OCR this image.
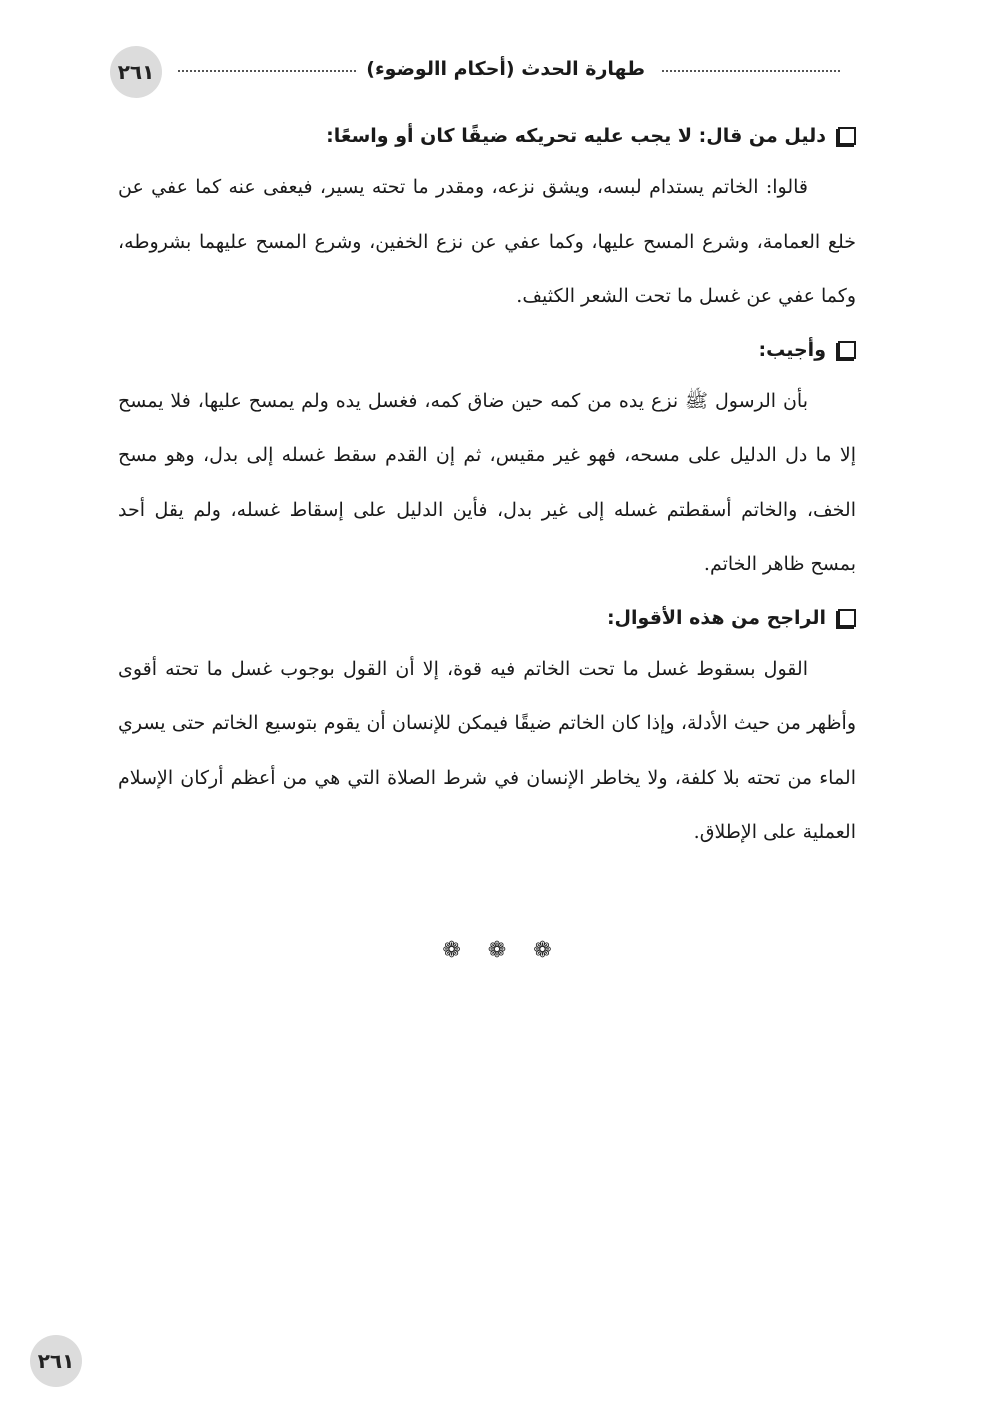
٢٦١	طهارة الحدث (أحكام االوضوء)
دليل من قال: لا يجب عليه تحريكه ضيقًا كان أو واسعًا:

قالوا: الخاتم يستدام لبسه، ويشق نزعه، ومقدر ما تحته يسير، فيعفى عنه كما عفي عن خلع العمامة، وشرع المسح عليها، وكما عفي عن نزع الخفين، وشرع المسح عليهما بشروطه، وكما عفي عن غسل ما تحت الشعر الكثيف.

وأجيب:

بأن الرسول ﷺ نزع يده من كمه حين ضاق كمه، فغسل يده ولم يمسح عليها، فلا يمسح إلا ما دل الدليل على مسحه، فهو غير مقيس، ثم إن القدم سقط غسله إلى بدل، وهو مسح الخف، والخاتم أسقطتم غسله إلى غير بدل، فأين الدليل على إسقاط غسله، ولم يقل أحد بمسح ظاهر الخاتم.

الراجح من هذه الأقوال:

القول بسقوط غسل ما تحت الخاتم فيه قوة، إلا أن القول بوجوب غسل ما تحته أقوى وأظهر من حيث الأدلة، وإذا كان الخاتم ضيقًا فيمكن للإنسان أن يقوم بتوسيع الخاتم حتى يسري الماء من تحته بلا كلفة، ولا يخاطر الإنسان في شرط الصلاة التي هي من أعظم أركان الإسلام العملية على الإطلاق.

❁ ❁ ❁
٢٦١
